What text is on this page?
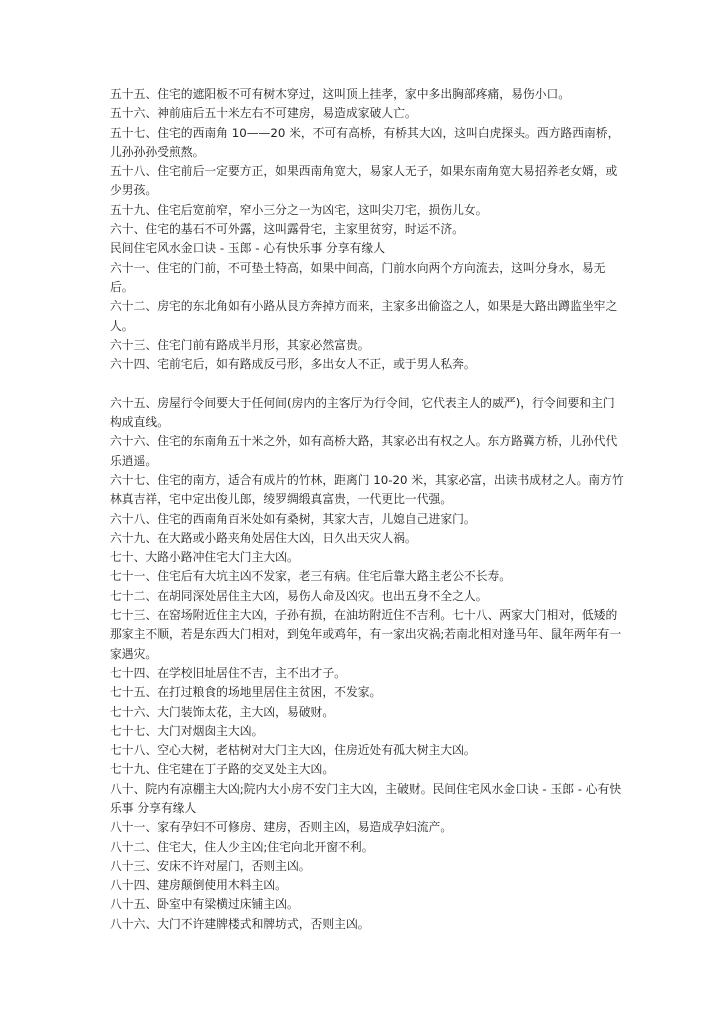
五十五、住宅的遮阳板不可有树木穿过，这叫顶上挂孝，家中多出胸部疼痛，易伤小口。

五十六、神前庙后五十米左右不可建房，易造成家破人亡。

五十七、住宅的西南角 10——20 米，不可有高桥，有桥其大凶，这叫白虎探头。西方路西南桥，儿孙孙孙受煎熬。

五十八、住宅前后一定要方正，如果西南角宽大，易家人无子，如果东南角宽大易招养老女婿，或少男孩。

五十九、住宅后宽前窄，窄小三分之一为凶宅，这叫尖刀宅，损伤儿女。

六十、住宅的基石不可外露，这叫露骨宅，主家里贫穷，时运不济。

民间住宅风水金口诀 - 玉郎 - 心有快乐事 分享有缘人

六十一、住宅的门前，不可垫土特高，如果中间高，门前水向两个方向流去，这叫分身水，易无后。

六十二、房宅的东北角如有小路从艮方奔掉方而来，主家多出偷盗之人，如果是大路出蹲监坐牢之人。

六十三、住宅门前有路成半月形，其家必然富贵。

六十四、宅前宅后，如有路成反弓形，多出女人不正，或于男人私奔。

六十五、房屋行令间要大于任何间(房内的主客厅为行令间，它代表主人的威严)，行令间要和主门构成直线。

六十六、住宅的东南角五十米之外，如有高桥大路，其家必出有权之人。东方路冀方桥，儿孙代代乐逍遥。

六十七、住宅的南方，适合有成片的竹林，距离门 10-20 米，其家必富，出读书成材之人。南方竹林真吉祥，宅中定出俊儿郎，绫罗绸缎真富贵，一代更比一代强。

六十八、住宅的西南角百米处如有桑树，其家大吉，儿媳自己进家门。

六十九、在大路或小路夹角处居住大凶，日久出天灾人祸。

七十、大路小路冲住宅大门主大凶。

七十一、住宅后有大坑主凶不发家，老三有病。住宅后靠大路主老公不长寿。

七十二、在胡同深处居住主大凶，易伤人命及凶灾。也出五身不全之人。

七十三、在窑场附近住主大凶，子孙有损，在油坊附近住不吉利。七十八、两家大门相对，低矮的那家主不顺，若是东西大门相对，到兔年或鸡年，有一家出灾祸;若南北相对逢马年、鼠年两年有一家遇灾。

七十四、在学校旧址居住不吉，主不出才子。

七十五、在打过粮食的场地里居住主贫困，不发家。

七十六、大门装饰太花，主大凶，易破财。

七十七、大门对烟囱主大凶。

七十八、空心大树，老枯树对大门主大凶，住房近处有孤大树主大凶。

七十九、住宅建在丁子路的交叉处主大凶。

八十、院内有凉棚主大凶;院内大小房不安门主大凶，主破财。民间住宅风水金口诀 - 玉郎 - 心有快乐事 分享有缘人

八十一、家有孕妇不可修房、建房，否则主凶，易造成孕妇流产。

八十二、住宅大，住人少主凶;住宅向北开窗不利。

八十三、安床不许对屋门，否则主凶。

八十四、建房颠倒使用木料主凶。

八十五、卧室中有梁横过床铺主凶。

八十六、大门不许建牌楼式和牌坊式，否则主凶。
